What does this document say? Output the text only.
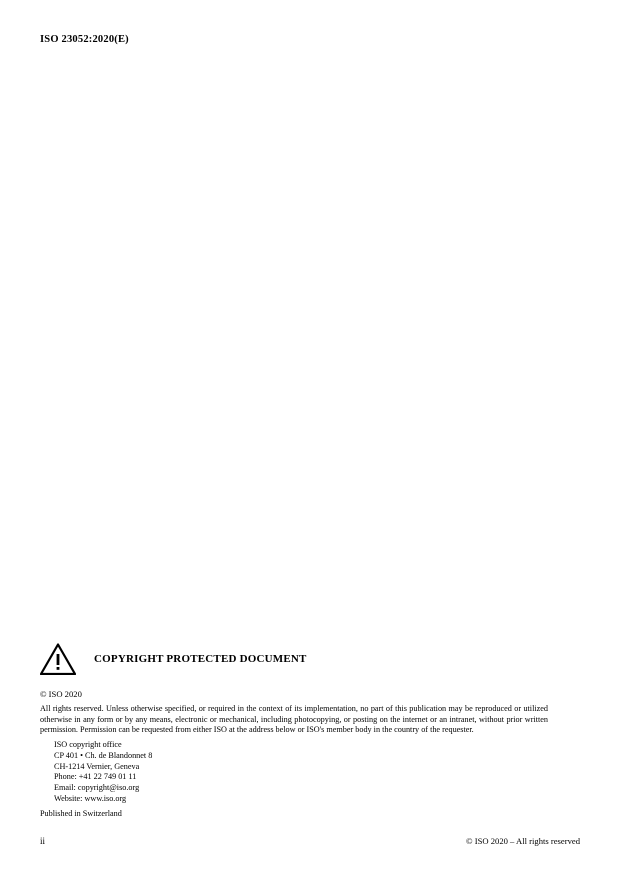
ISO 23052:2020(E)
COPYRIGHT PROTECTED DOCUMENT
© ISO 2020
All rights reserved. Unless otherwise specified, or required in the context of its implementation, no part of this publication may be reproduced or utilized otherwise in any form or by any means, electronic or mechanical, including photocopying, or posting on the internet or an intranet, without prior written permission. Permission can be requested from either ISO at the address below or ISO's member body in the country of the requester.
ISO copyright office
CP 401 • Ch. de Blandonnet 8
CH-1214 Vernier, Geneva
Phone: +41 22 749 01 11
Email: copyright@iso.org
Website: www.iso.org
Published in Switzerland
ii	© ISO 2020 – All rights reserved
